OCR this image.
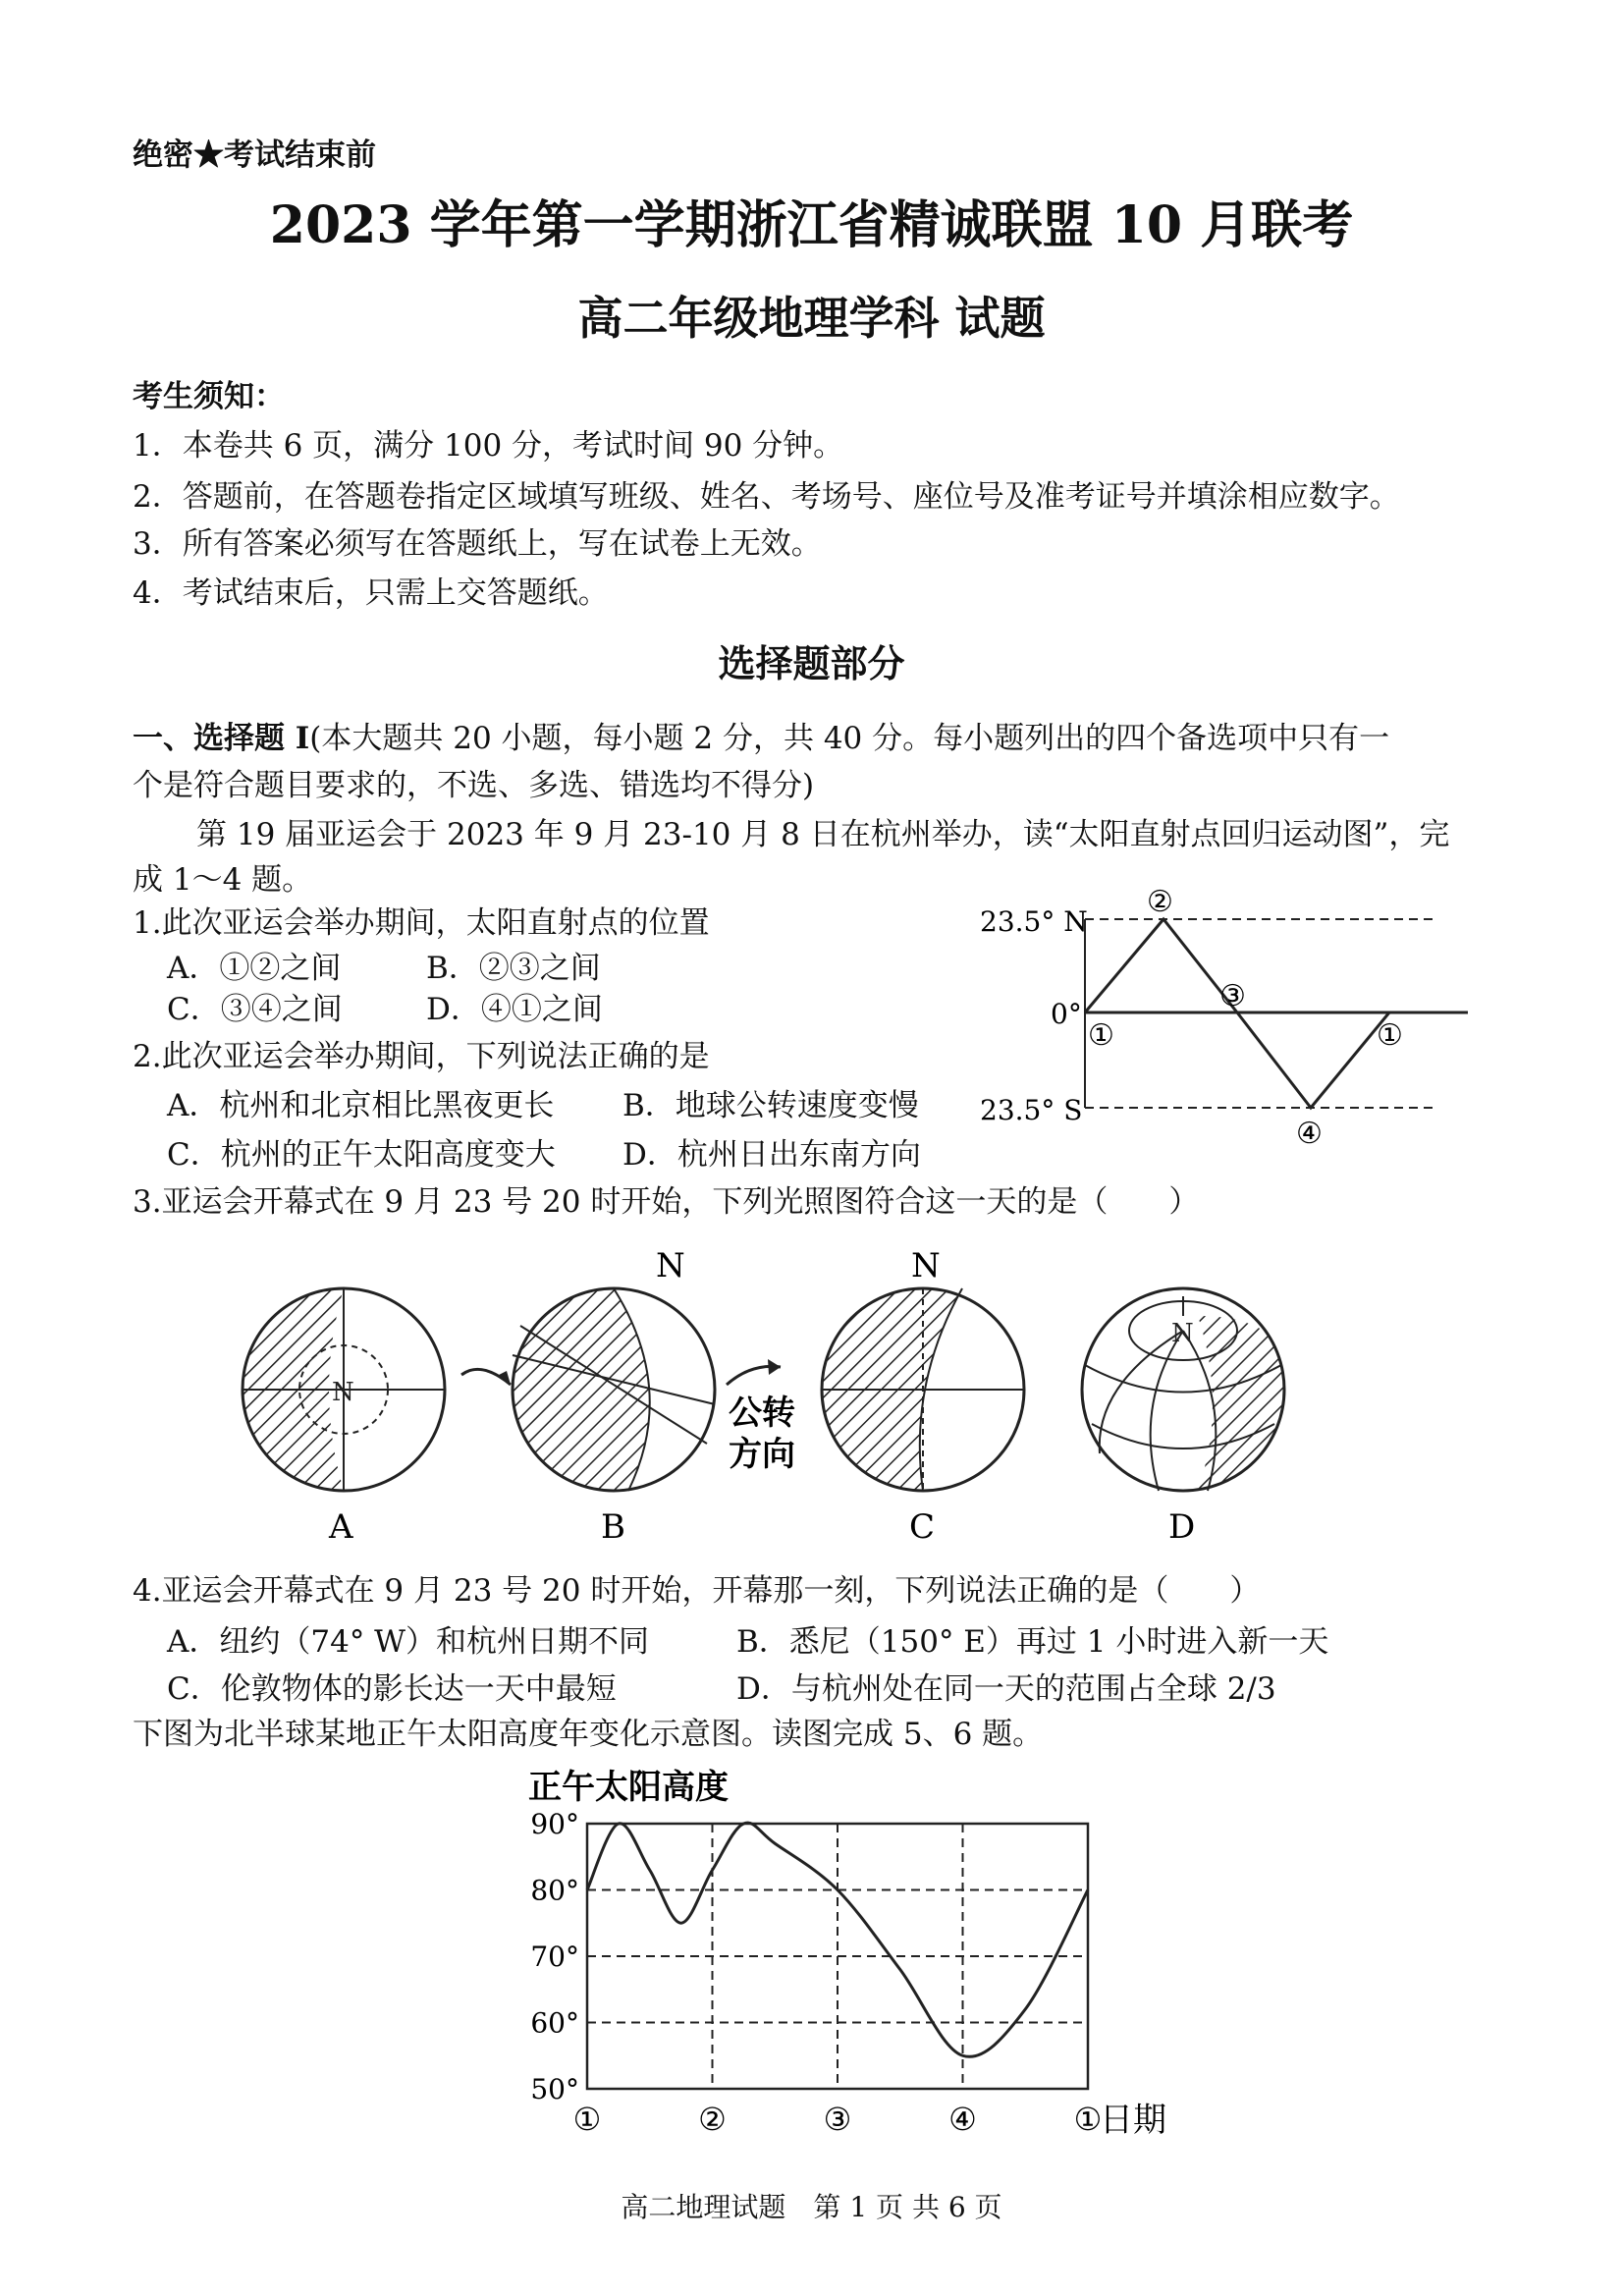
绝密★考试结束前
2023 学年第一学期浙江省精诚联盟 10 月联考
高二年级地理学科 试题
考生须知：
1．本卷共 6 页，满分 100 分，考试时间 90 分钟。
2．答题前，在答题卷指定区域填写班级、姓名、考场号、座位号及准考证号并填涂相应数字。
3．所有答案必须写在答题纸上，写在试卷上无效。
4．考试结束后，只需上交答题纸。
选择题部分
一、选择题 Ⅰ(本大题共 20 小题，每小题 2 分，共 40 分。每小题列出的四个备选项中只有一
个是符合题目要求的，不选、多选、错选均不得分)
第 19 届亚运会于 2023 年 9 月 23-10 月 8 日在杭州举办，读“太阳直射点回归运动图”，完
成 1～4 题。
1.此次亚运会举办期间，太阳直射点的位置
A．①②之间	B．②③之间
C．③④之间	D．④①之间
2.此次亚运会举办期间，下列说法正确的是
A．杭州和北京相比黑夜更长 B．地球公转速度变慢
C．杭州的正午太阳高度变大 D．杭州日出东南方向
3.亚运会开幕式在 9 月 23 号 20 时开始，下列光照图符合这一天的是（　　）
23.5° N
0°
23.5° S
①
②
③
④
①
N
A
N
B
公转
方向
N
C
N
D
4.亚运会开幕式在 9 月 23 号 20 时开始，开幕那一刻，下列说法正确的是（　　）
A．纽约（74° W）和杭州日期不同	B．悉尼（150° E）再过 1 小时进入新一天
C．伦敦物体的影长达一天中最短	D．与杭州处在同一天的范围占全球 2/3
下图为北半球某地正午太阳高度年变化示意图。读图完成 5、6 题。
正午太阳高度
90°
80°
70°
60°
50°
①	②	③	④	①
日期
高二地理试题　第 1 页 共 6 页
